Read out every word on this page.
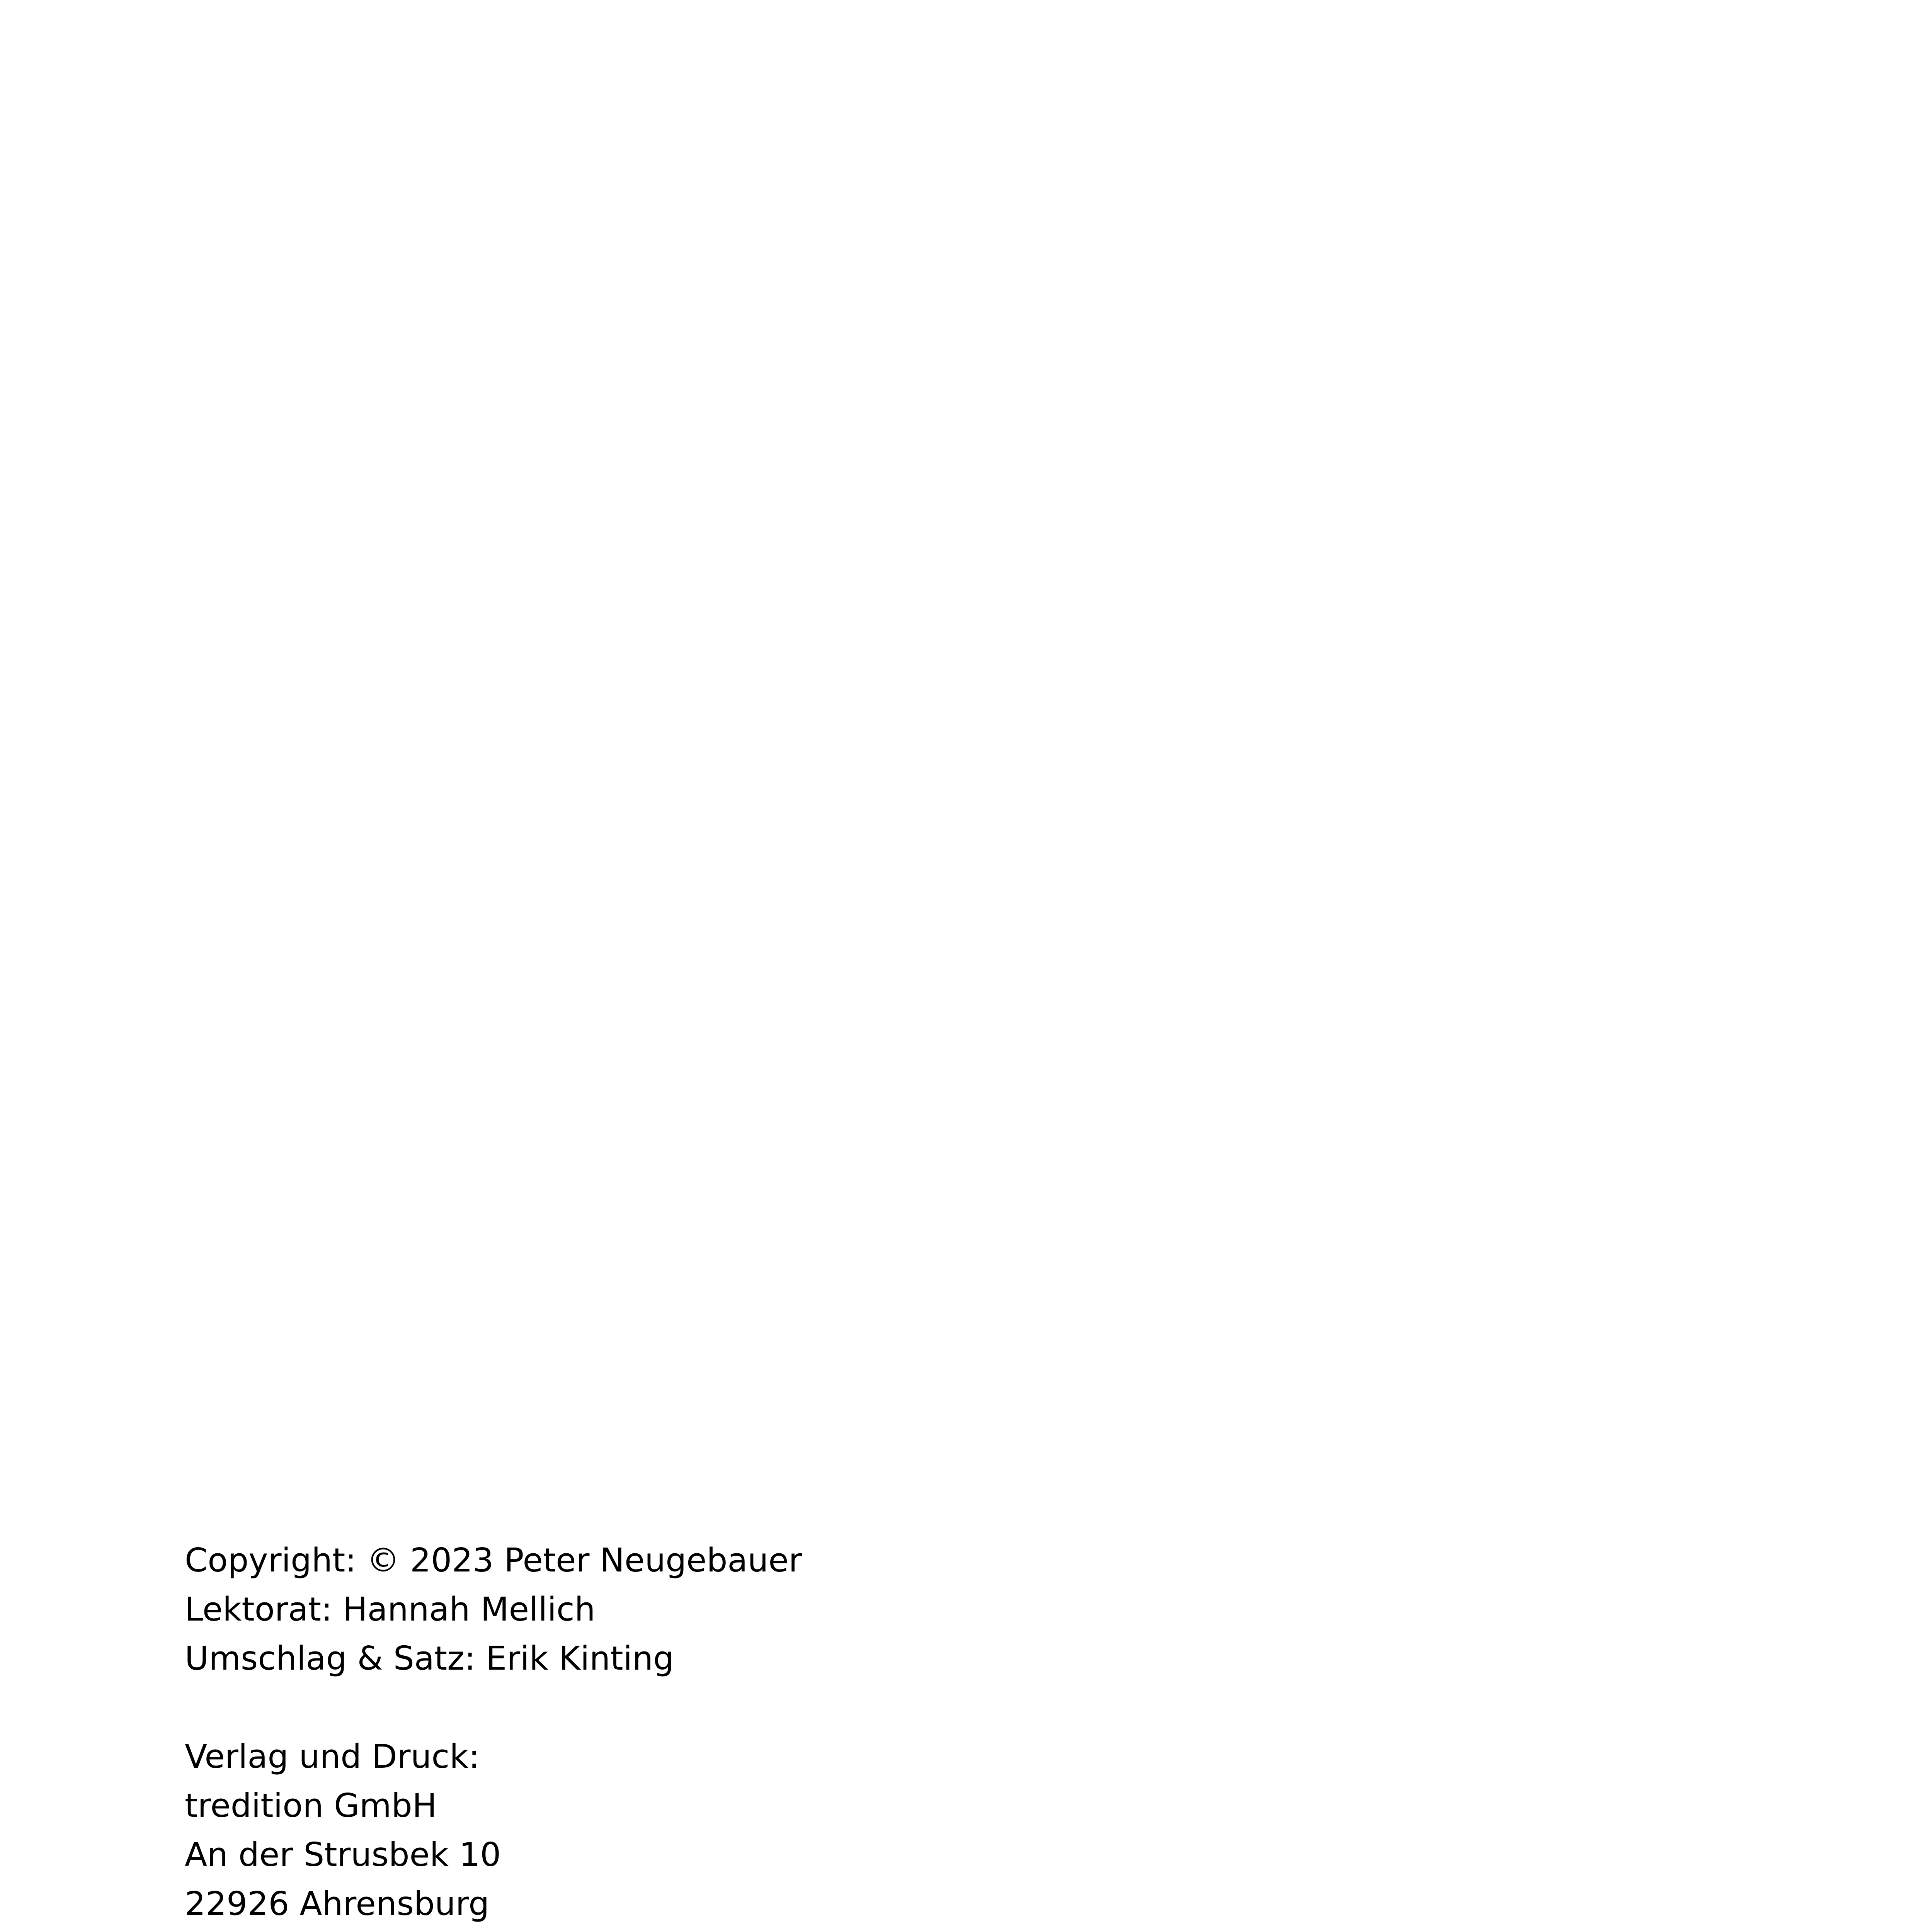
Copyright: © 2023 Peter Neugebauer
Lektorat: Hannah Mellich
Umschlag & Satz: Erik Kinting
Verlag und Druck:
tredition GmbH
An der Strusbek 10
22926 Ahrensburg
